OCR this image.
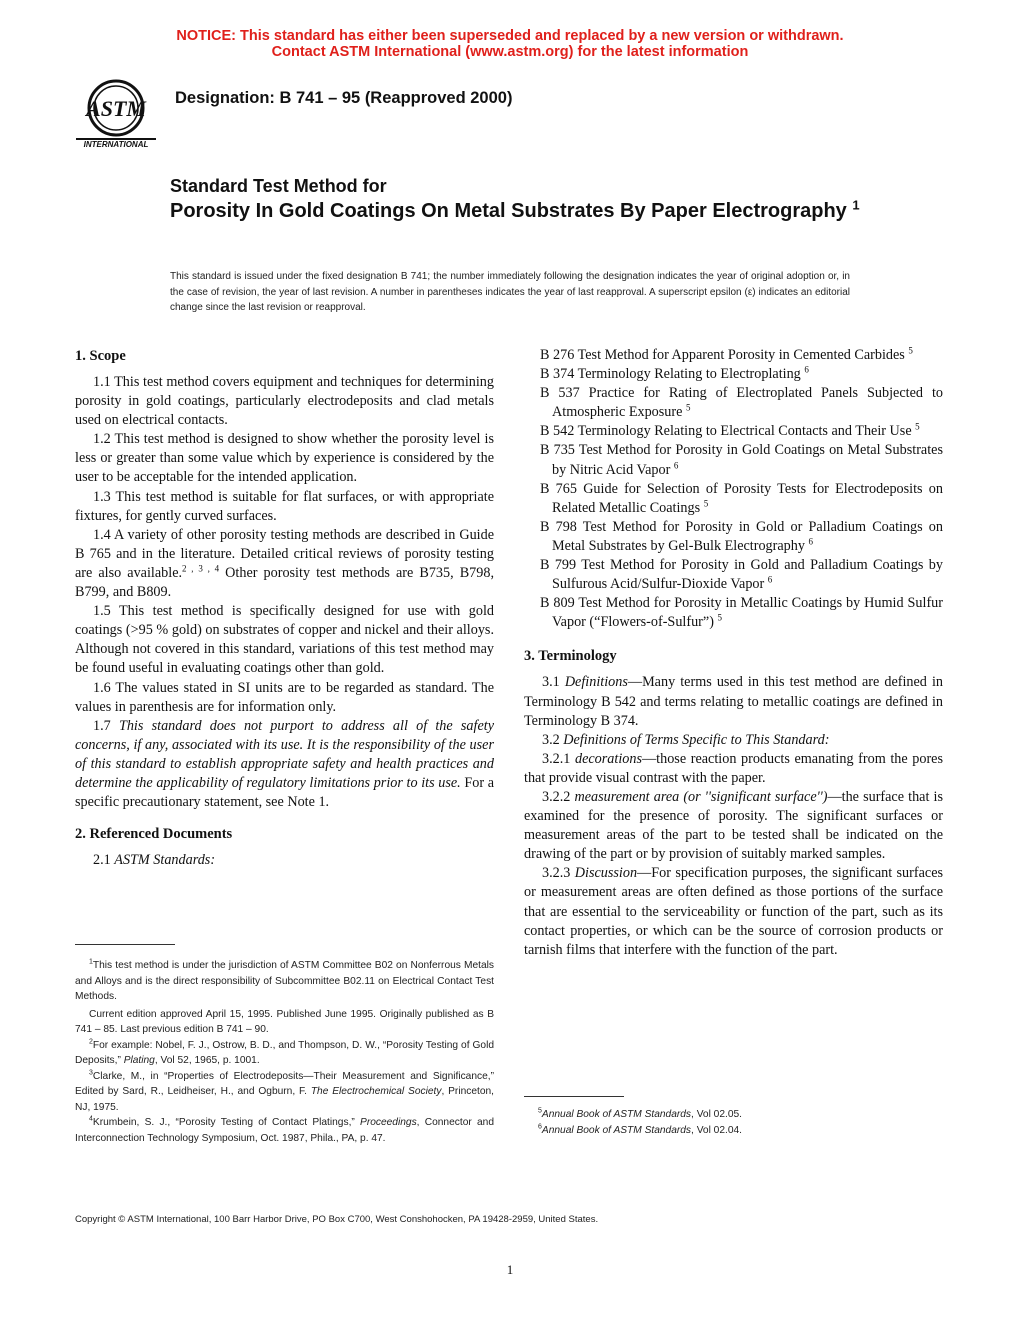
NOTICE: This standard has either been superseded and replaced by a new version or withdrawn.
Contact ASTM International (www.astm.org) for the latest information
ASTM
INTERNATIONAL
Designation: B 741 – 95 (Reapproved 2000)
Standard Test Method for
Porosity In Gold Coatings On Metal Substrates By Paper Electrography $^1$
This standard is issued under the fixed designation B 741; the number immediately following the designation indicates the year of original adoption or, in the case of revision, the year of last revision. A number in parentheses indicates the year of last reapproval. A superscript epsilon (ε) indicates an editorial change since the last revision or reapproval.
1. Scope

1.1 This test method covers equipment and techniques for determining porosity in gold coatings, particularly electrodeposits and clad metals used on electrical contacts.

1.2 This test method is designed to show whether the porosity level is less or greater than some value which by experience is considered by the user to be acceptable for the intended application.

1.3 This test method is suitable for flat surfaces, or with appropriate fixtures, for gently curved surfaces.

1.4 A variety of other porosity testing methods are described in Guide B 765 and in the literature. Detailed critical reviews of porosity testing are also available.$^{2 , 3 , 4}$ Other porosity test methods are B735, B798, B799, and B809.

1.5 This test method is specifically designed for use with gold coatings (>95 % gold) on substrates of copper and nickel and their alloys. Although not covered in this standard, variations of this test method may be found useful in evaluating coatings other than gold.

1.6 The values stated in SI units are to be regarded as standard. The values in parenthesis are for information only.

1.7 This standard does not purport to address all of the safety concerns, if any, associated with its use. It is the responsibility of the user of this standard to establish appropriate safety and health practices and determine the applicability of regulatory limitations prior to its use. For a specific precautionary statement, see Note 1.

2. Referenced Documents

2.1 ASTM Standards:

$^1$This test method is under the jurisdiction of ASTM Committee B02 on Nonferrous Metals and Alloys and is the direct responsibility of Subcommittee B02.11 on Electrical Contact Test Methods.

Current edition approved April 15, 1995. Published June 1995. Originally published as B 741 – 85. Last previous edition B 741 – 90.

$^2$For example: Nobel, F. J., Ostrow, B. D., and Thompson, D. W., “Porosity Testing of Gold Deposits,” Plating, Vol 52, 1965, p. 1001.

$^3$Clarke, M., in “Properties of Electrodeposits—Their Measurement and Significance,” Edited by Sard, R., Leidheiser, H., and Ogburn, F. The Electrochemical Society, Princeton, NJ, 1975.

$^4$Krumbein, S. J., “Porosity Testing of Contact Platings,” Proceedings, Connector and Interconnection Technology Symposium, Oct. 1987, Phila., PA, p. 47.

B 276 Test Method for Apparent Porosity in Cemented Carbides $^5$

B 374 Terminology Relating to Electroplating $^6$

B 537 Practice for Rating of Electroplated Panels Subjected to Atmospheric Exposure $^5$

B 542 Terminology Relating to Electrical Contacts and Their Use $^5$

B 735 Test Method for Porosity in Gold Coatings on Metal Substrates by Nitric Acid Vapor $^6$

B 765 Guide for Selection of Porosity Tests for Electrodeposits on Related Metallic Coatings $^5$

B 798 Test Method for Porosity in Gold or Palladium Coatings on Metal Substrates by Gel-Bulk Electrography $^6$

B 799 Test Method for Porosity in Gold and Palladium Coatings by Sulfurous Acid/Sulfur-Dioxide Vapor $^6$

B 809 Test Method for Porosity in Metallic Coatings by Humid Sulfur Vapor (“Flowers-of-Sulfur”) $^5$

3. Terminology

3.1 Definitions—Many terms used in this test method are defined in Terminology B 542 and terms relating to metallic coatings are defined in Terminology B 374.

3.2 Definitions of Terms Specific to This Standard:

3.2.1 decorations—those reaction products emanating from the pores that provide visual contrast with the paper.

3.2.2 measurement area (or ''significant surface'')—the surface that is examined for the presence of porosity. The significant surfaces or measurement areas of the part to be tested shall be indicated on the drawing of the part or by provision of suitably marked samples.

3.2.3 Discussion—For specification purposes, the significant surfaces or measurement areas are often defined as those portions of the surface that are essential to the serviceability or function of the part, such as its contact properties, or which can be the source of corrosion products or tarnish films that interfere with the function of the part.

$^5$Annual Book of ASTM Standards, Vol 02.05.

$^6$Annual Book of ASTM Standards, Vol 02.04.

Copyright © ASTM International, 100 Barr Harbor Drive, PO Box C700, West Conshohocken, PA 19428-2959, United States.
1
